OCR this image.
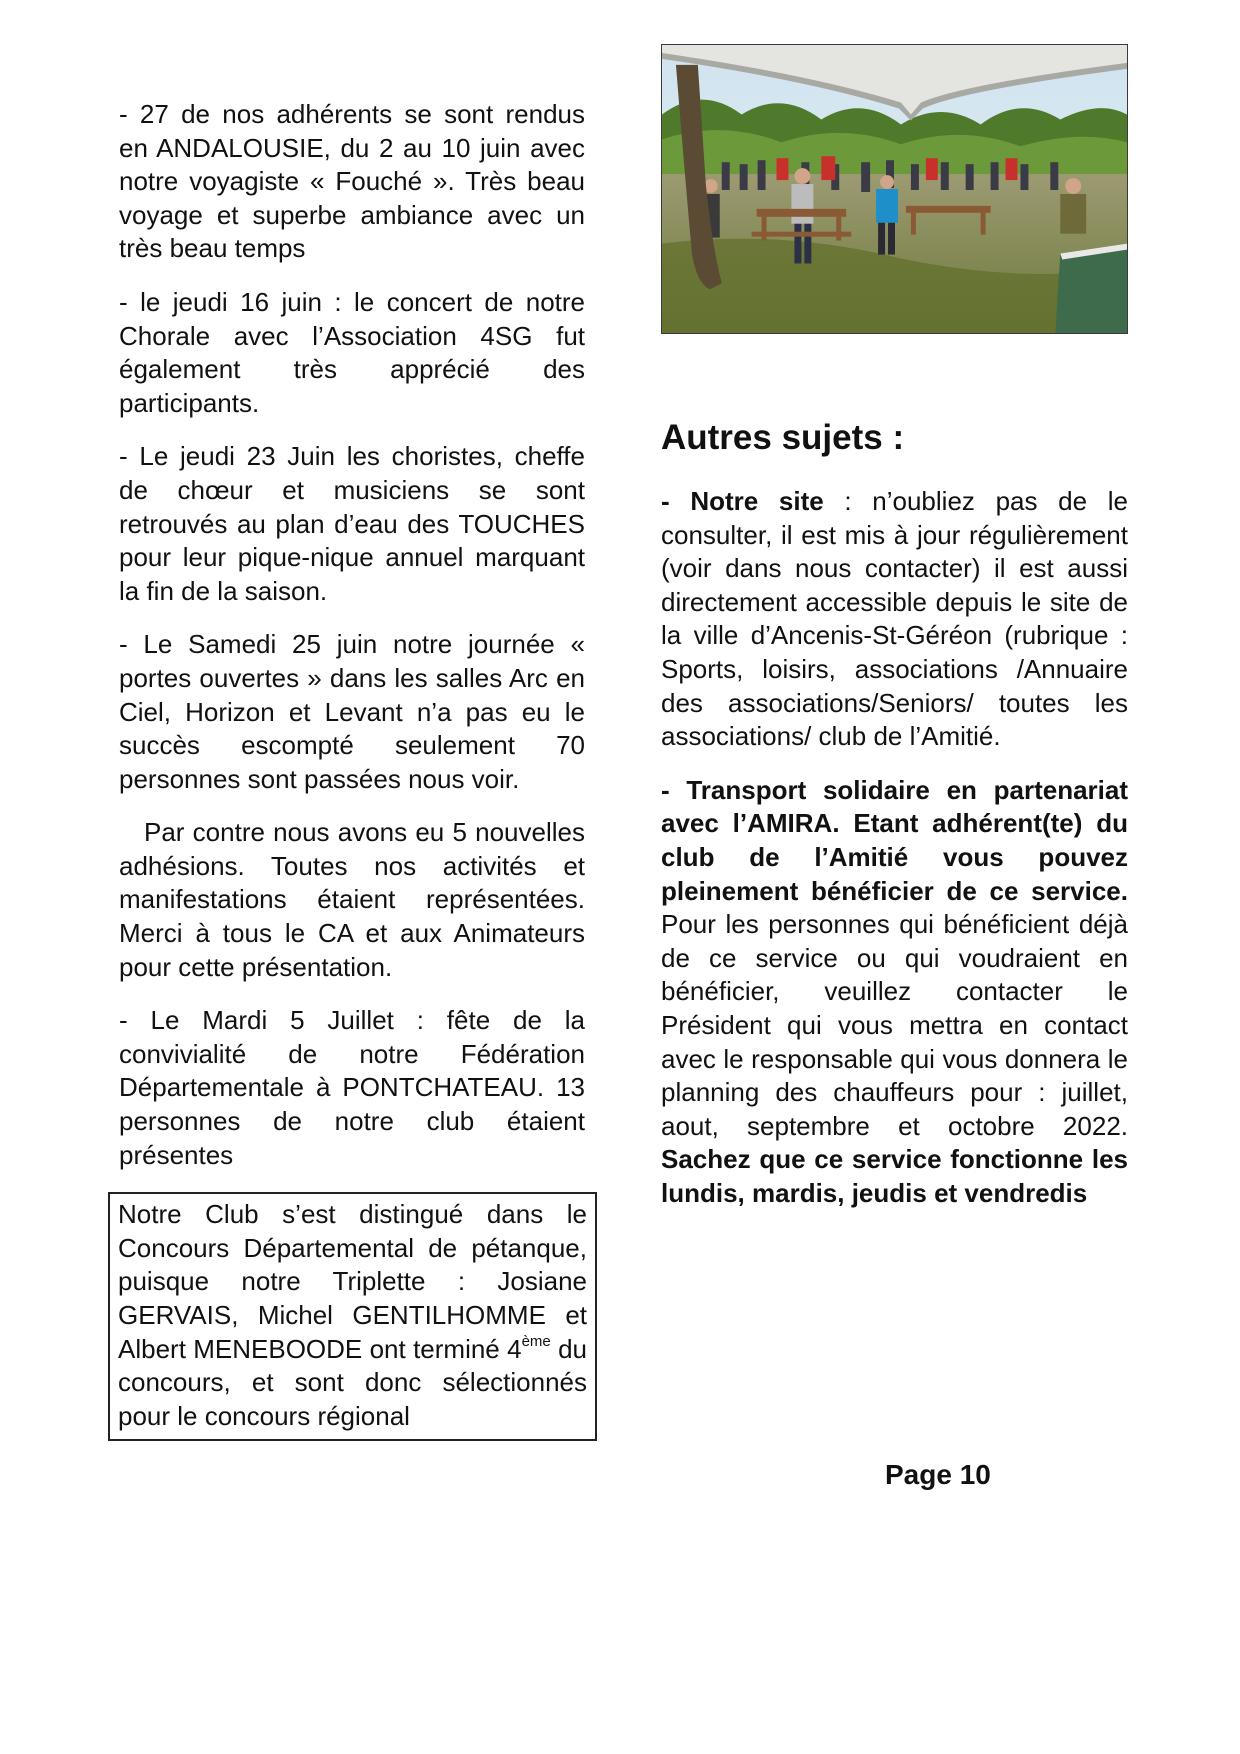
- 27 de nos adhérents se sont rendus en ANDALOUSIE, du 2 au 10 juin avec notre voyagiste « Fouché ». Très beau voyage et superbe ambiance avec un très beau temps

- le jeudi 16 juin : le concert de notre Chorale avec l’Association 4SG fut également très apprécié des participants.

- Le jeudi 23 Juin les choristes, cheffe de chœur et musiciens se sont retrouvés au plan d’eau des TOUCHES pour leur pique-nique annuel marquant la fin de la saison.

- Le Samedi 25 juin notre journée « portes ouvertes » dans les salles Arc en Ciel, Horizon et Levant n’a pas eu le succès escompté seulement 70 personnes sont passées nous voir.

Par contre nous avons eu 5 nouvelles adhésions. Toutes nos activités et manifestations étaient représentées. Merci à tous le CA et aux Animateurs pour cette présentation.

- Le Mardi 5 Juillet : fête de la convivialité de notre Fédération Départementale à PONTCHATEAU. 13 personnes de notre club étaient présentes

Notre Club s’est distingué dans le Concours Départemental de pétanque, puisque notre Triplette : Josiane GERVAIS, Michel GENTILHOMME et Albert MENEBOODE ont terminé 4ème du concours, et sont donc sélectionnés pour le concours régional
Autres sujets :

- Notre site : n’oubliez pas de le consulter, il est mis à jour régulièrement (voir dans nous contacter) il est aussi directement accessible depuis le site de la ville d’Ancenis-St-Géréon (rubrique : Sports, loisirs, associations /Annuaire des associations/Seniors/ toutes les associations/ club de l’Amitié.

- Transport solidaire en partenariat avec l’AMIRA. Etant adhérent(te) du club de l’Amitié vous pouvez pleinement bénéficier de ce service. Pour les personnes qui bénéficient déjà de ce service ou qui voudraient en bénéficier, veuillez contacter le Président qui vous mettra en contact avec le responsable qui vous donnera le planning des chauffeurs pour : juillet, aout, septembre et octobre 2022. Sachez que ce service fonctionne les lundis, mardis, jeudis et vendredis

Page 10
